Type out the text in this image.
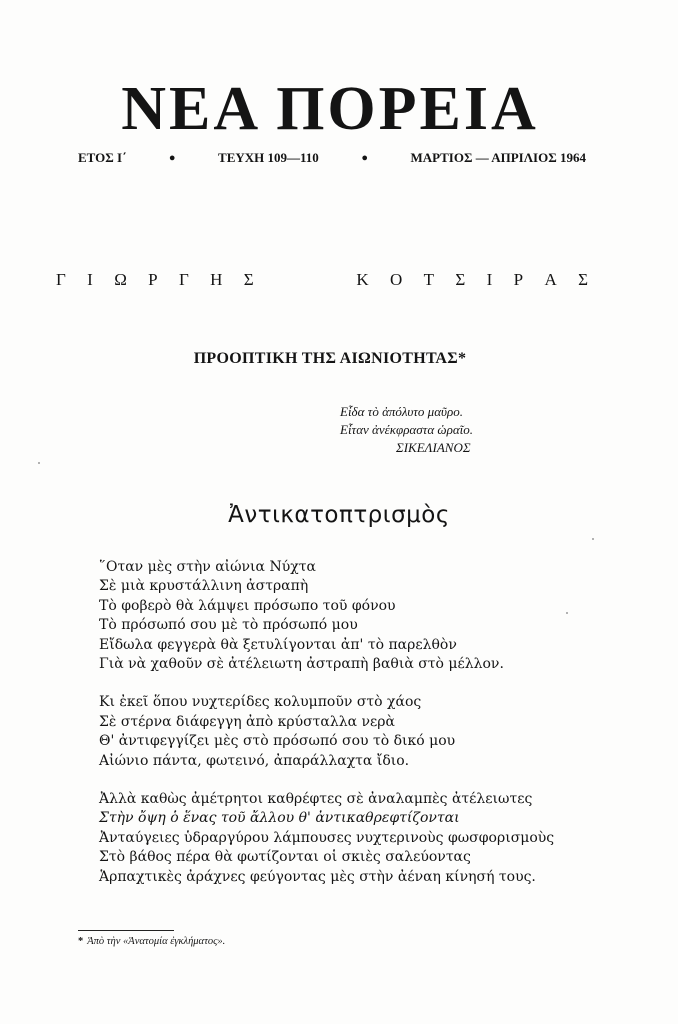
ΝΕΑ ΠΟΡΕΙΑ
ΕΤΟΣ Ι΄	●	ΤΕΥΧΗ 109—110	●	ΜΑΡΤΙΟΣ — ΑΠΡΙΛΙΟΣ 1964
Γ Ι Ω Ρ Γ Η Σ	Κ Ο Τ Σ Ι Ρ Α Σ
ΠΡΟΟΠΤΙΚΗ ΤΗΣ ΑΙΩΝΙΟΤΗΤΑΣ*
Εἶδα τὸ ἀπόλυτο μαῦρο.
Εἶταν ἀνέκφραστα ὡραῖο.
ΣΙΚΕΛΙΑΝΟΣ
Ἀντικατοπτρισμὸς
῞Οταν μὲς στὴν αἰώνια Νύχτα
Σὲ μιὰ κρυστάλλινη ἀστραπὴ
Τὸ φοβερὸ θὰ λάμψει πρόσωπο τοῦ φόνου
Τὸ πρόσωπό σου μὲ τὸ πρόσωπό μου
Εἴδωλα φεγγερὰ θὰ ξετυλίγονται ἀπ' τὸ παρελθὸν
Γιὰ νὰ χαθοῦν σὲ ἀτέλειωτη ἀστραπὴ βαθιὰ στὸ μέλλον.
Κι ἐκεῖ ὅπου νυχτερίδες κολυμποῦν στὸ χάος
Σὲ στέρνα διάφεγγη ἀπὸ κρύσταλλα νερὰ
Θ' ἀντιφεγγίζει μὲς στὸ πρόσωπό σου τὸ δικό μου
Αἰώνιο πάντα, φωτεινό, ἀπαράλλαχτα ἴδιο.
Ἀλλὰ καθὼς ἀμέτρητοι καθρέφτες σὲ ἀναλαμπὲς ἀτέλειωτες
Στὴν ὄψη ὁ ἕνας τοῦ ἄλλου θ' ἀντικαθρεφτίζονται
Ἀνταύγειες ὑδραργύρου λάμπουσες νυχτερινοὺς φωσφορισμοὺς
Στὸ βάθος πέρα θὰ φωτίζονται οἱ σκιὲς σαλεύοντας
Ἁρπαχτικὲς ἀράχνες φεύγοντας μὲς στὴν ἀέναη κίνησή τους.
* Ἀπὸ τὴν «Ἀνατομία ἐγκλήματος».
